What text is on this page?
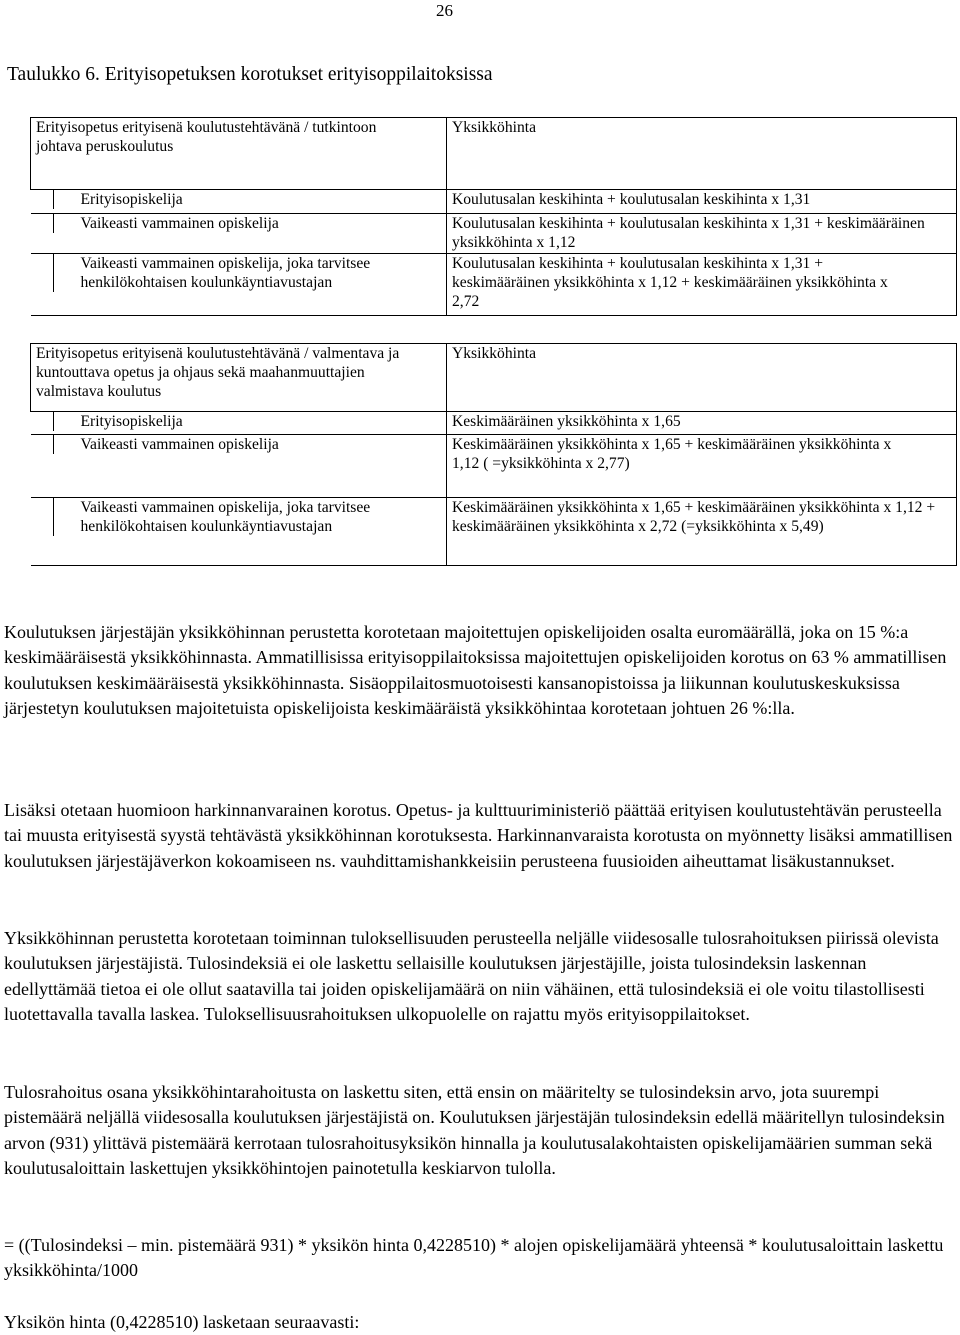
26
Taulukko 6. Erityisopetuksen korotukset erityisoppilaitoksissa
Erityisopetus erityisenä koulutustehtävänä / tutkintoon johtava peruskoulutus	Yksikköhinta

Erityisopiskelija	Koulutusalan keskihinta + koulutusalan keskihinta x 1,31

Vaikeasti vammainen opiskelija	Koulutusalan keskihinta + koulutusalan keskihinta x 1,31 + keskimääräinen yksikköhinta x 1,12

Vaikeasti vammainen opiskelija, joka tarvitsee henkilökohtaisen koulunkäyntiavustajan	Koulutusalan keskihinta + koulutusalan keskihinta x 1,31 + keskimääräinen yksikköhinta x 1,12 + keskimääräinen yksikköhinta x 2,72
Erityisopetus erityisenä koulutustehtävänä / valmentava ja kuntouttava opetus ja ohjaus sekä maahanmuuttajien valmistava koulutus	Yksikköhinta

Erityisopiskelija	Keskimääräinen yksikköhinta x 1,65

Vaikeasti vammainen opiskelija	Keskimääräinen yksikköhinta x 1,65 + keskimääräinen yksikköhinta x 1,12 ( =yksikköhinta x 2,77)

Vaikeasti vammainen opiskelija, joka tarvitsee henkilökohtaisen koulunkäyntiavustajan	Keskimääräinen yksikköhinta x 1,65 + keskimääräinen yksikköhinta x 1,12 + keskimääräinen yksikköhinta x 2,72 (=yksikköhinta x 5,49)

Koulutuksen järjestäjän yksikköhinnan perustetta korotetaan majoitettujen opiskelijoiden osalta euromäärällä, joka on 15 %:a keskimääräisestä yksikköhinnasta. Ammatillisissa erityisoppilaitoksissa majoitettujen opiskelijoiden korotus on 63 % ammatillisen koulutuksen keskimääräisestä yksikköhinnasta. Sisäoppilaitosmuotoisesti kansanopistoissa ja liikunnan koulutuskeskuksissa järjestetyn koulutuksen majoitetuista opiskelijoista keskimääräistä yksikköhintaa korotetaan johtuen 26 %:lla.

Lisäksi otetaan huomioon harkinnanvarainen korotus. Opetus- ja kulttuuriministeriö päättää erityisen koulutustehtävän perusteella tai muusta erityisestä syystä tehtävästä yksikköhinnan korotuksesta. Harkinnanvaraista korotusta on myönnetty lisäksi ammatillisen koulutuksen järjestäjäverkon kokoamiseen ns. vauhdittamishankkeisiin perusteena fuusioiden aiheuttamat lisäkustannukset.

Yksikköhinnan perustetta korotetaan toiminnan tuloksellisuuden perusteella neljälle viidesosalle tulosrahoituksen piirissä olevista koulutuksen järjestäjistä. Tulosindeksiä ei ole laskettu sellaisille koulutuksen järjestäjille, joista tulosindeksin laskennan edellyttämää tietoa ei ole ollut saatavilla tai joiden opiskelijamäärä on niin vähäinen, että tulosindeksiä ei ole voitu tilastollisesti luotettavalla tavalla laskea. Tuloksellisuusrahoituksen ulkopuolelle on rajattu myös erityisoppilaitokset.

Tulosrahoitus osana yksikköhintarahoitusta on laskettu siten, että ensin on määritelty se tulosindeksin arvo, jota suurempi pistemäärä neljällä viidesosalla koulutuksen järjestäjistä on. Koulutuksen järjestäjän tulosindeksin edellä määritellyn tulosindeksin arvon (931) ylittävä pistemäärä kerrotaan tulosrahoitusyksikön hinnalla ja koulutusalakohtaisten opiskelijamäärien summan sekä koulutusaloittain laskettujen yksikköhintojen painotetulla keskiarvon tulolla.

= ((Tulosindeksi – min. pistemäärä 931) * yksikön hinta 0,4228510) * alojen opiskelijamäärä yhteensä * koulutusaloittain laskettu yksikköhinta/1000

Yksikön hinta (0,4228510) lasketaan seuraavasti:
